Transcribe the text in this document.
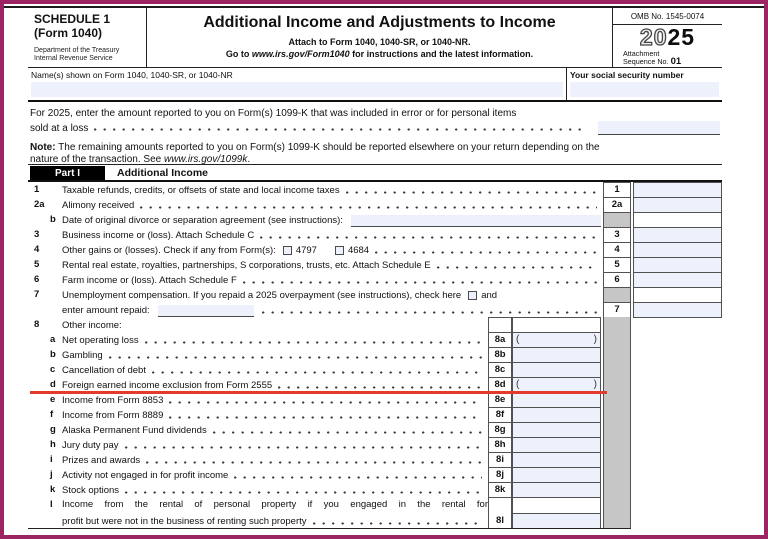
SCHEDULE 1
(Form 1040)
Department of the Treasury
Internal Revenue Service
Additional Income and Adjustments to Income
Attach to Form 1040, 1040-SR, or 1040-NR.
Go to www.irs.gov/Form1040 for instructions and the latest information.
OMB No. 1545-0074
2025
Attachment
Sequence No. 01
Name(s) shown on Form 1040, 1040-SR, or 1040-NR	Your social security number
For 2025, enter the amount reported to you on Form(s) 1099-K that was included in error or for personal items
sold at a loss
Note: The remaining amounts reported to you on Form(s) 1099-K should be reported elsewhere on your return depending on the
nature of the transaction. See www.irs.gov/1099k.
Part I	Additional Income
1	Taxable refunds, credits, or offsets of state and local income taxes	1
2a	Alimony received	2a
b Date of original divorce or separation agreement (see instructions):
3	Business income or (loss). Attach Schedule C	3
4	Other gains or (losses). Check if any from Form(s): 4797	4684	4
5	Rental real estate, royalties, partnerships, S corporations, trusts, etc. Attach Schedule E	5
6	Farm income or (loss). Attach Schedule F	6
7	Unemployment compensation. If you repaid a 2025 overpayment (see instructions), check here and
enter amount repaid:	7
8	Other income:
a Net operating loss	8a	(	)
b Gambling	8b
c Cancellation of debt	8c
d Foreign earned income exclusion from Form 2555	8d	(	)
e Income from Form 8853	8e
f Income from Form 8889	8f
g Alaska Permanent Fund dividends	8g
h Jury duty pay	8h
i Prizes and awards	8i
j Activity not engaged in for profit income	8j
k Stock options	8k
l Income from the rental of personal property if you engaged in the rental for
profit but were not in the business of renting such property	8l
